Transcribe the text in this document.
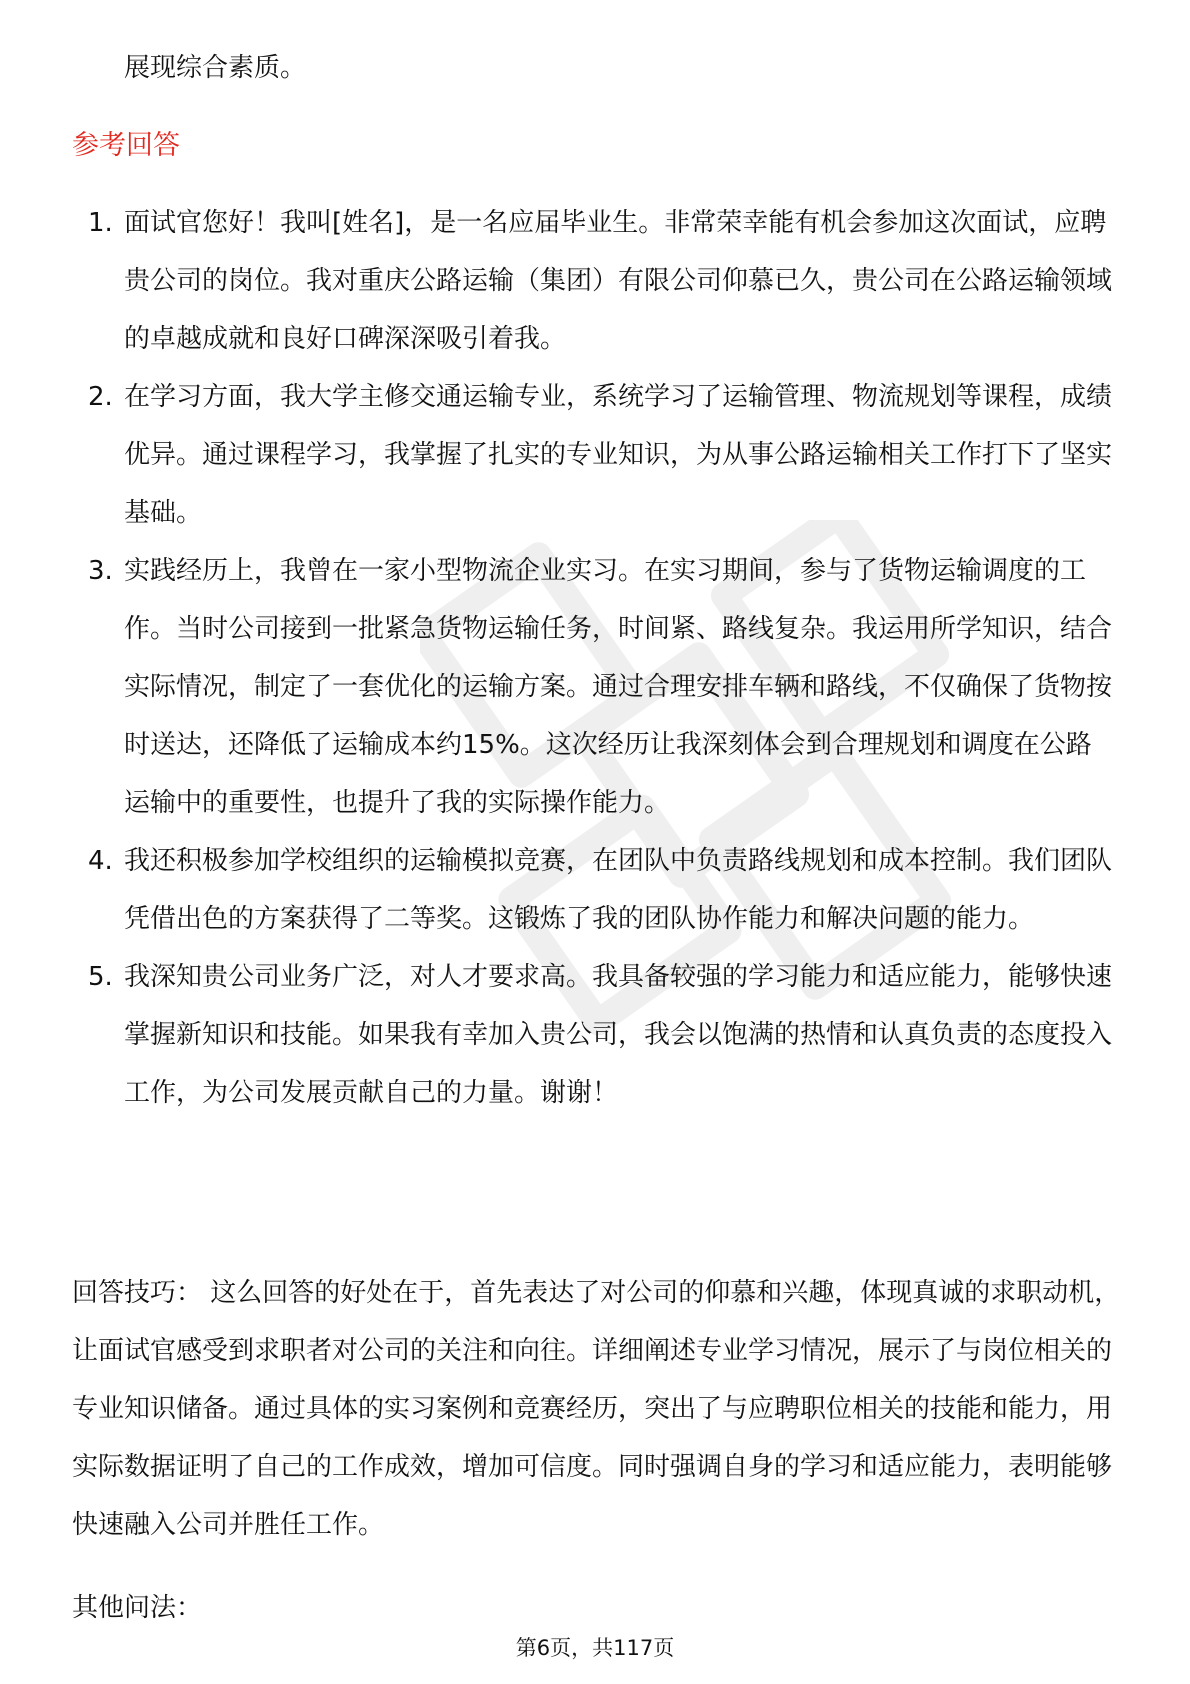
展现综合素质。

参考回答
1. 面试官您好！我叫[姓名]，是一名应届毕业生。非常荣幸能有机会参加这次面试，应聘贵公司的岗位。我对重庆公路运输（集团）有限公司仰慕已久，贵公司在公路运输领域的卓越成就和良好口碑深深吸引着我。
2. 在学习方面，我大学主修交通运输专业，系统学习了运输管理、物流规划等课程，成绩优异。通过课程学习，我掌握了扎实的专业知识，为从事公路运输相关工作打下了坚实基础。
3. 实践经历上，我曾在一家小型物流企业实习。在实习期间，参与了货物运输调度的工作。当时公司接到一批紧急货物运输任务，时间紧、路线复杂。我运用所学知识，结合实际情况，制定了一套优化的运输方案。通过合理安排车辆和路线，不仅确保了货物按时送达，还降低了运输成本约15%。这次经历让我深刻体会到合理规划和调度在公路运输中的重要性，也提升了我的实际操作能力。
4. 我还积极参加学校组织的运输模拟竞赛，在团队中负责路线规划和成本控制。我们团队凭借出色的方案获得了二等奖。这锻炼了我的团队协作能力和解决问题的能力。
5. 我深知贵公司业务广泛，对人才要求高。我具备较强的学习能力和适应能力，能够快速掌握新知识和技能。如果我有幸加入贵公司，我会以饱满的热情和认真负责的态度投入工作，为公司发展贡献自己的力量。谢谢！

回答技巧： 这么回答的好处在于，首先表达了对公司的仰慕和兴趣，体现真诚的求职动机，让面试官感受到求职者对公司的关注和向往。详细阐述专业学习情况，展示了与岗位相关的专业知识储备。通过具体的实习案例和竞赛经历，突出了与应聘职位相关的技能和能力，用实际数据证明了自己的工作成效，增加可信度。同时强调自身的学习和适应能力，表明能够快速融入公司并胜任工作。

其他问法：

第6页，共117页
